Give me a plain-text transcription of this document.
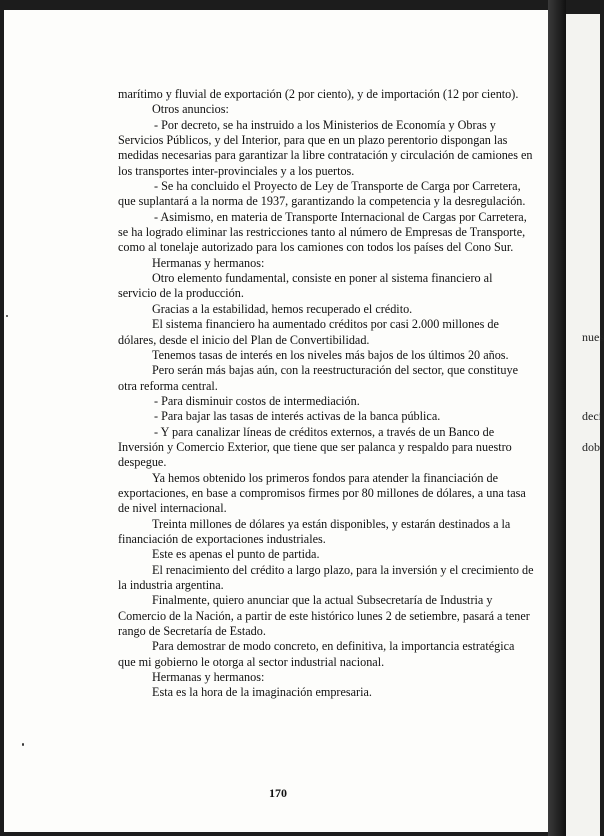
marítimo y fluvial de exportación (2 por ciento), y de importación (12 por ciento).

Otros anuncios:

- Por decreto, se ha instruido a los Ministerios de Economía y Obras y Servicios Públicos, y del Interior, para que en un plazo perentorio dispongan las medidas necesarias para garantizar la libre contratación y circulación de camiones en los transportes inter-provinciales y a los puertos.

- Se ha concluido el Proyecto de Ley de Transporte de Carga por Carretera, que suplantará a la norma de 1937, garantizando la competencia y la desregulación.

- Asimismo, en materia de Transporte Internacional de Cargas por Carretera, se ha logrado eliminar las restricciones tanto al número de Empresas de Transporte, como al tonelaje autorizado para los camiones con todos los países del Cono Sur.

Hermanas y hermanos:

Otro elemento fundamental, consiste en poner al sistema financiero al servicio de la producción.

Gracias a la estabilidad, hemos recuperado el crédito.

El sistema financiero ha aumentado créditos por casi 2.000 millones de dólares, desde el inicio del Plan de Convertibilidad.

Tenemos tasas de interés en los niveles más bajos de los últimos 20 años.

Pero serán más bajas aún, con la reestructuración del sector, que constituye otra reforma central.

- Para disminuir costos de intermediación.

- Para bajar las tasas de interés activas de la banca pública.

- Y para canalizar líneas de créditos externos, a través de un Banco de Inversión y Comercio Exterior, que tiene que ser palanca y respaldo para nuestro despegue.

Ya hemos obtenido los primeros fondos para atender la financiación de exportaciones, en base a compromisos firmes por 80 millones de dólares, a una tasa de nivel internacional.

Treinta millones de dólares ya están disponibles, y estarán destinados a la financiación de exportaciones industriales.

Este es apenas el punto de partida.

El renacimiento del crédito a largo plazo, para la inversión y el crecimiento de la industria argentina.

Finalmente, quiero anunciar que la actual Subsecretaría de Industria y Comercio de la Nación, a partir de este histórico lunes 2 de setiembre, pasará a tener rango de Secretaría de Estado.

Para demostrar de modo concreto, en definitiva, la importancia estratégica que mi gobierno le otorga al sector industrial nacional.

Hermanas y hermanos:

Esta es la hora de la imaginación empresaria.

170
nues
deci
dob
